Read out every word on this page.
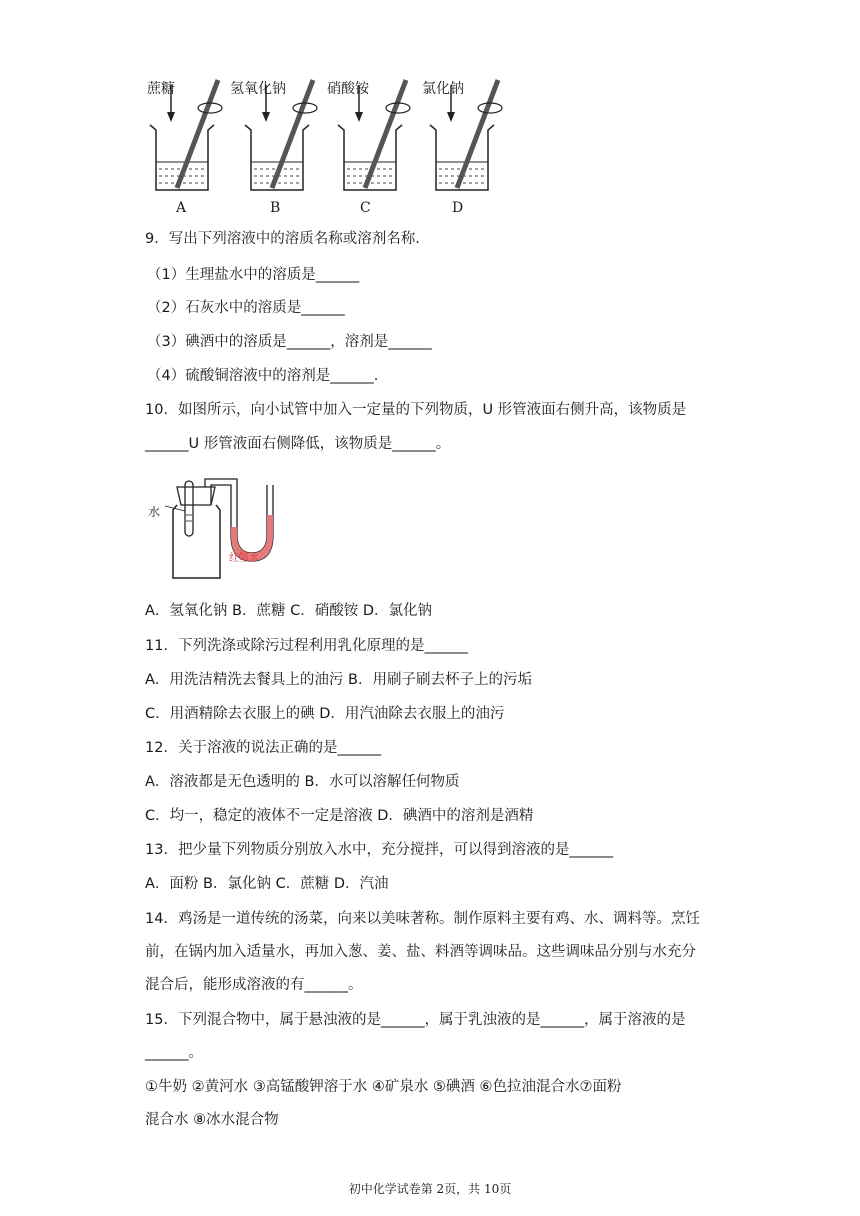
蔗糖	氢氧化钠	硝酸铵	氯化钠
A	B	C	D
9．写出下列溶液中的溶质名称或溶剂名称.
（1）生理盐水中的溶质是______
（2）石灰水中的溶质是______
（3）碘酒中的溶质是______，溶剂是______
（4）硫酸铜溶液中的溶剂是______.
10．如图所示，向小试管中加入一定量的下列物质，U 形管液面右侧升高，该物质是
______U 形管液面右侧降低，该物质是______。
水
红墨水
A．氢氧化钠 B．蔗糖 C．硝酸铵 D．氯化钠
11．下列洗涤或除污过程利用乳化原理的是______
A．用洗洁精洗去餐具上的油污 B．用刷子刷去杯子上的污垢
C．用酒精除去衣服上的碘 D．用汽油除去衣服上的油污
12．关于溶液的说法正确的是______
A．溶液都是无色透明的 B．水可以溶解任何物质
C．均一，稳定的液体不一定是溶液 D．碘酒中的溶剂是酒精
13．把少量下列物质分别放入水中，充分搅拌，可以得到溶液的是______
A．面粉 B．氯化钠 C．蔗糖 D．汽油
14．鸡汤是一道传统的汤菜，向来以美味著称。制作原料主要有鸡、水、调料等。烹饪
前，在锅内加入适量水，再加入葱、姜、盐、料酒等调味品。这些调味品分别与水充分
混合后，能形成溶液的有______。
15．下列混合物中，属于悬浊液的是______，属于乳浊液的是______，属于溶液的是
______。
①牛奶 ②黄河水 ③高锰酸钾溶于水 ④矿泉水 ⑤碘酒 ⑥色拉油混合水⑦面粉
混合水 ⑧冰水混合物
初中化学试卷第 2页，共 10页
